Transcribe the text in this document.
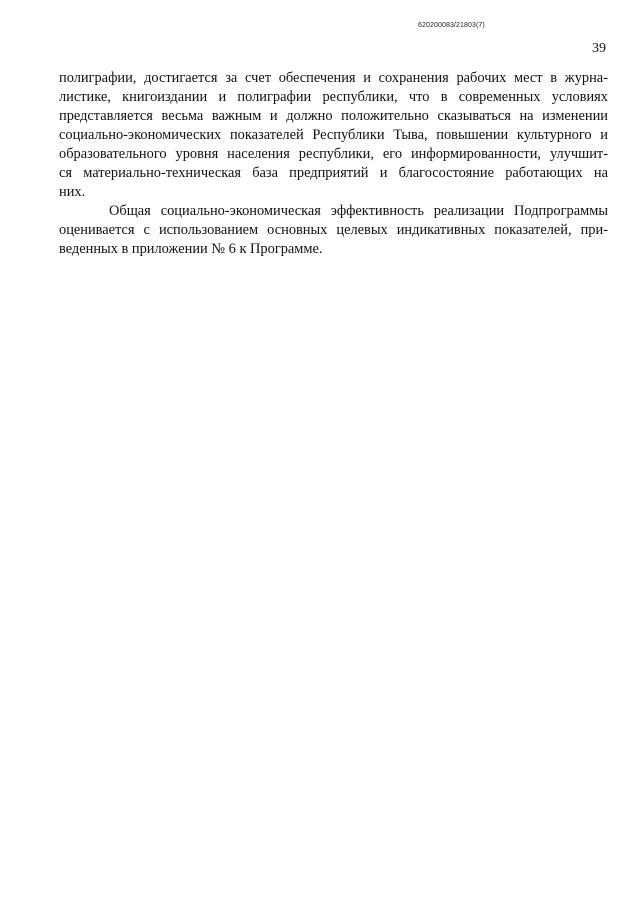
620200083/21803(7)
39
полиграфии, достигается за счет обеспечения и сохранения рабочих мест в журна-
листике, книгоиздании и полиграфии республики, что в современных условиях
представляется весьма важным и должно положительно сказываться на изменении
социально-экономических показателей Республики Тыва, повышении культурного и
образовательного уровня населения республики, его информированности, улучшит-
ся материально-техническая база предприятий и благосостояние работающих на
них.
Общая социально-экономическая эффективность реализации Подпрограммы
оценивается с использованием основных целевых индикативных показателей, при-
веденных в приложении № 6 к Программе.
